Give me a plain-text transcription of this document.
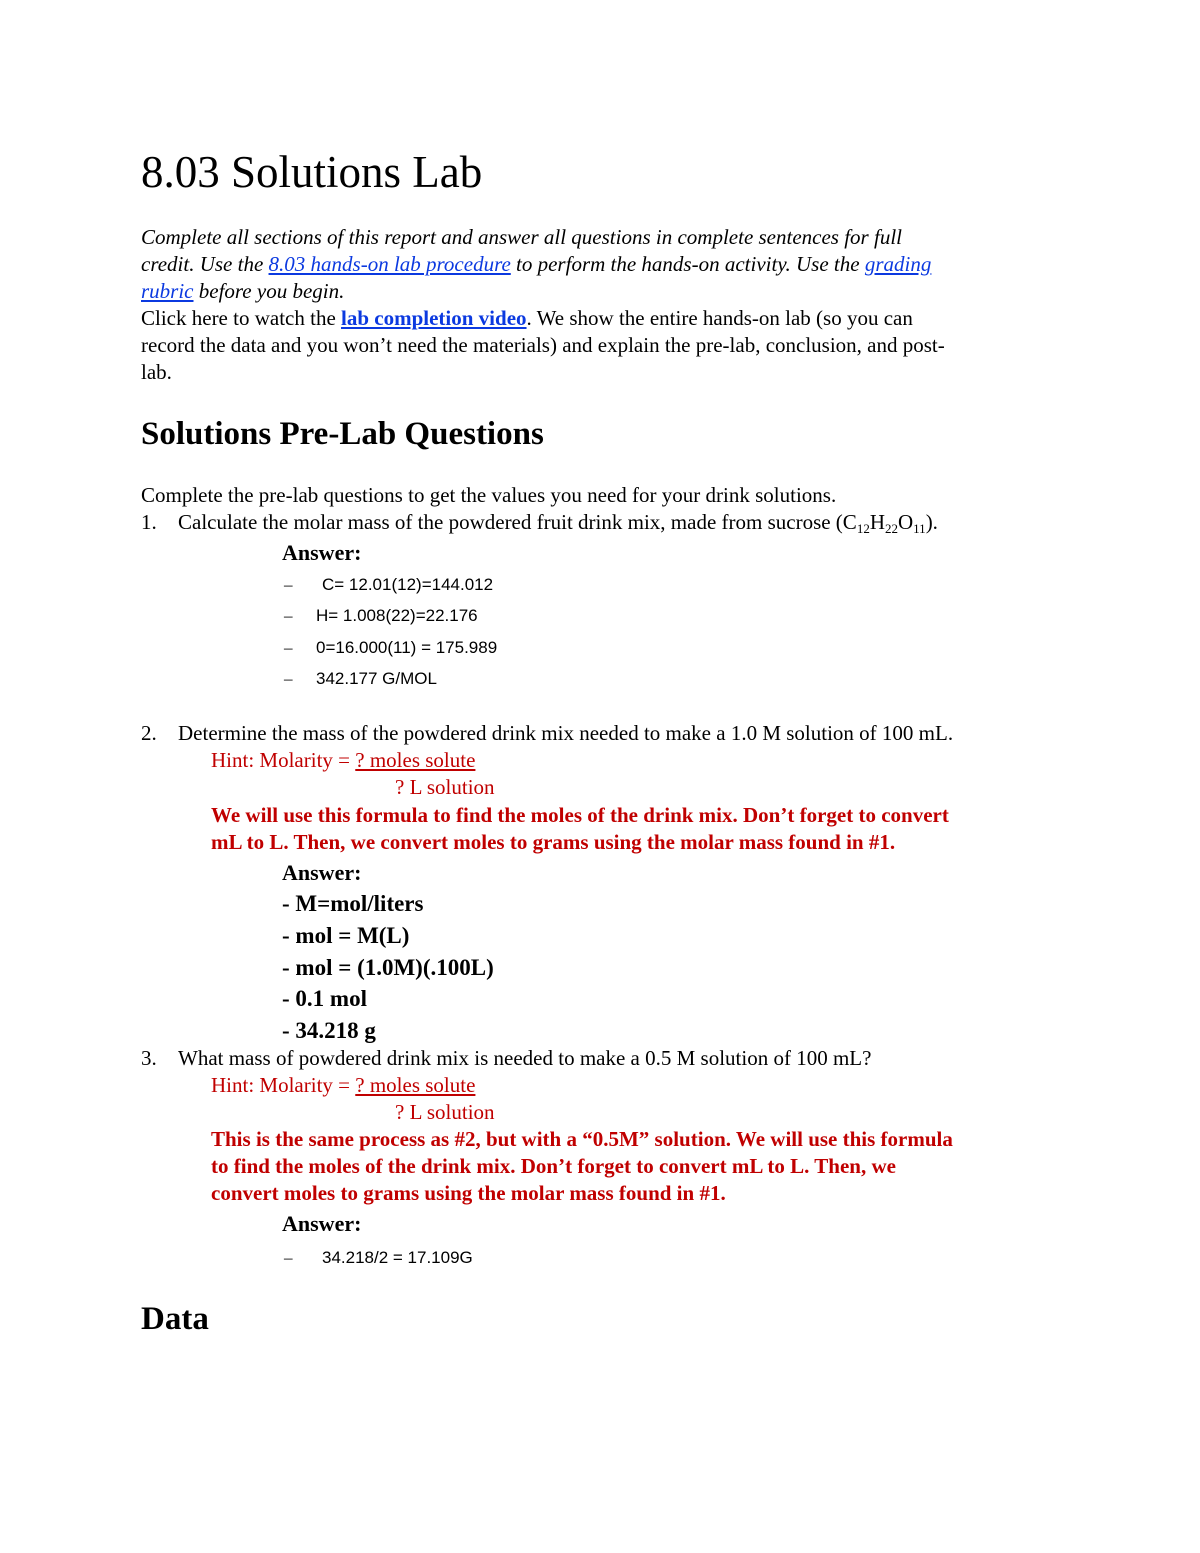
8.03 Solutions Lab
Complete all sections of this report and answer all questions in complete sentences for full
credit. Use the 8.03 hands-on lab procedure to perform the hands-on activity. Use the grading
rubric before you begin.
Click here to watch the lab completion video. We show the entire hands-on lab (so you can
record the data and you won’t need the materials) and explain the pre-lab, conclusion, and post-
lab.
Solutions Pre-Lab Questions
Complete the pre-lab questions to get the values you need for your drink solutions.
1. Calculate the molar mass of the powdered fruit drink mix, made from sucrose $(C_{12}H_{22}O_{11})$.
Answer:
– C= 12.01(12)=144.012
– H= 1.008(22)=22.176
– 0=16.000(11) = 175.989
– 342.177 G/MOL
2. Determine the mass of the powdered drink mix needed to make a 1.0 M solution of 100 mL.
Hint: Molarity = ? moles solute
? L solution
We will use this formula to find the moles of the drink mix. Don’t forget to convert
mL to L. Then, we convert moles to grams using the molar mass found in #1.
Answer:
- M=mol/liters
- mol = M(L)
- mol = (1.0M)(.100L)
- 0.1 mol
- 34.218 g
3. What mass of powdered drink mix is needed to make a 0.5 M solution of 100 mL?
Hint: Molarity = ? moles solute
? L solution
This is the same process as #2, but with a “0.5M” solution. We will use this formula
to find the moles of the drink mix. Don’t forget to convert mL to L. Then, we
convert moles to grams using the molar mass found in #1.
Answer:
– 34.218/2 = 17.109G
Data
